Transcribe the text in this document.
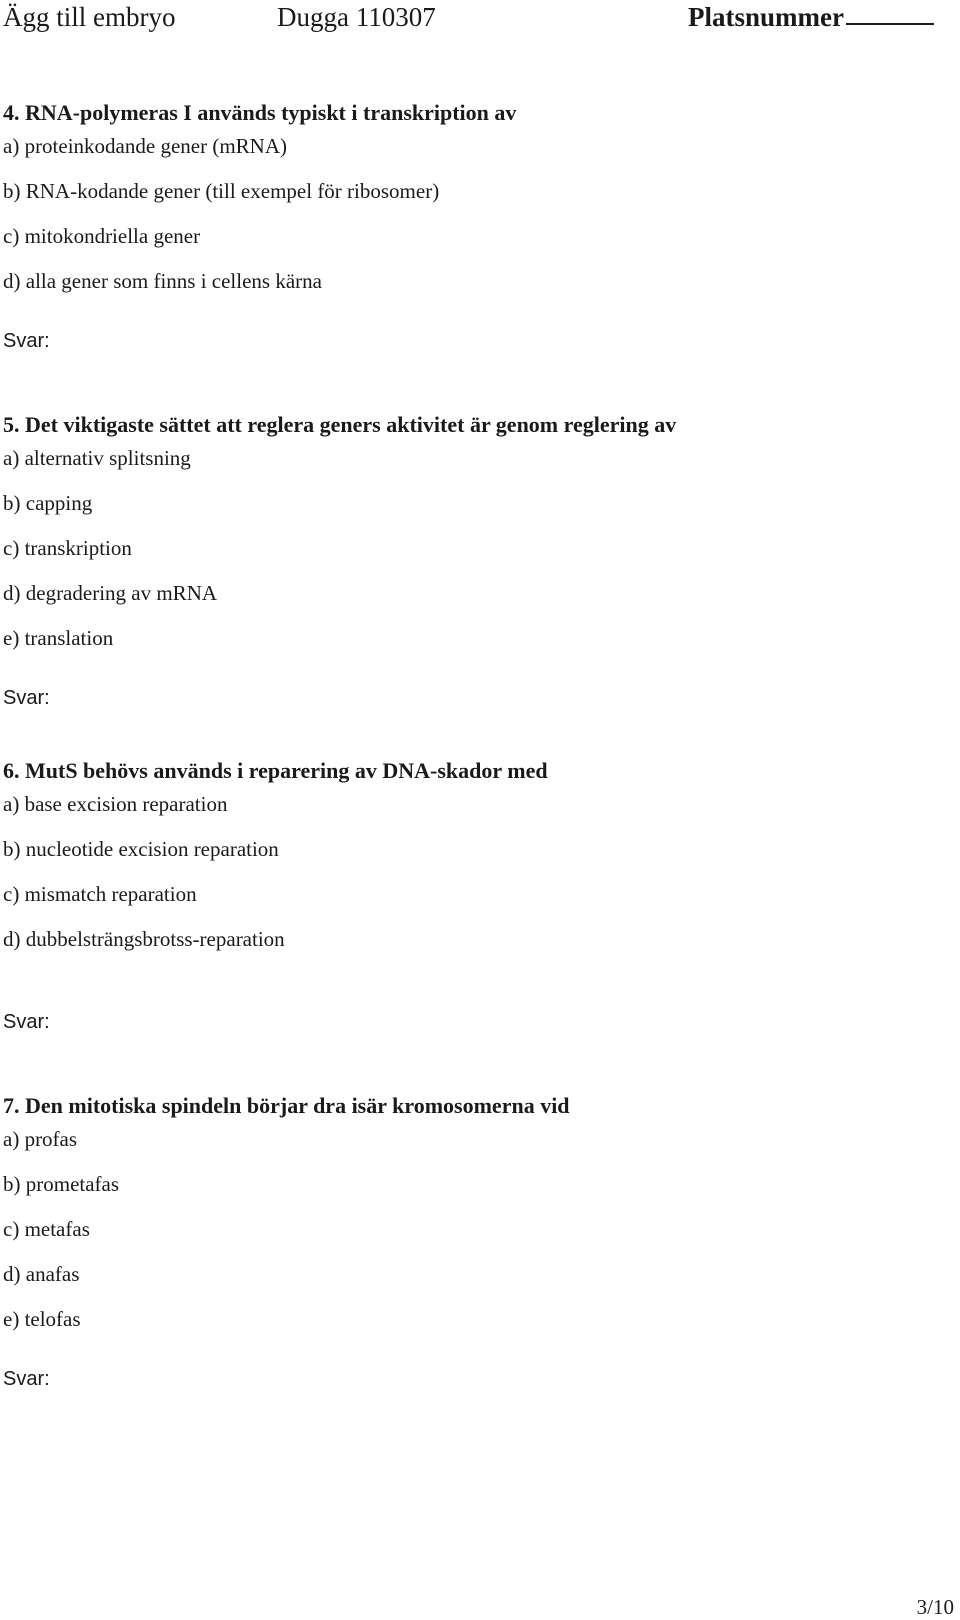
Ägg till embryo	Dugga 110307	Platsnummer
4. RNA-polymeras I används typiskt i transkription av
a) proteinkodande gener (mRNA)
b) RNA-kodande gener (till exempel för ribosomer)
c) mitokondriella gener
d) alla gener som finns i cellens kärna
Svar:
5. Det viktigaste sättet att reglera geners aktivitet är genom reglering av
a) alternativ splitsning
b) capping
c) transkription
d) degradering av mRNA
e) translation
Svar:
6. MutS behövs används i reparering av DNA-skador med
a) base excision reparation
b) nucleotide excision reparation
c) mismatch reparation
d) dubbelsträngsbrotss-reparation
Svar:
7. Den mitotiska spindeln börjar dra isär kromosomerna vid
a) profas
b) prometafas
c) metafas
d) anafas
e) telofas
Svar:
3/10
